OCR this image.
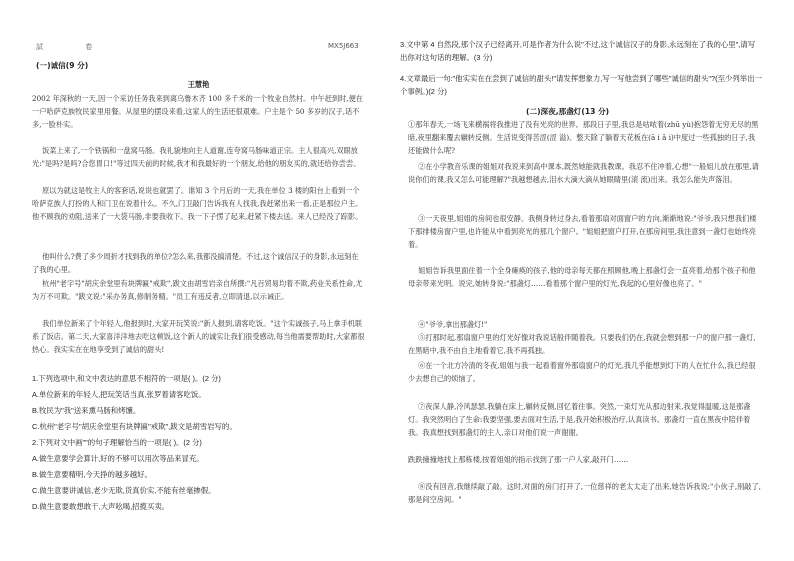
試	卷	MX5J663
(一)诚信(9 分)
王慧艳

2002 年深秋的一天,因一个采访任务我来到离乌鲁木齐 100 多千米的一个牧业自然村。中午赶到时,便在一户哈萨克族牧民家里用餐。从屋里的摆设来看,这家人的生活还很艰难。户主是个 50 多岁的汉子,话不多,一脸朴实。

饭菜上来了,一个铁锅和一盘窝马肠。我礼貌地向主人道谢,连夸窝马肠味道正宗。主人很高兴,双眼放光:"是吗?是吗?合您胃口!"等过四天前的时候,我才和我最好的一个朋友,给他的朋友买的,就还给你尝尝。

原以为就这是牧主人的客套话,说说也就罢了。谁知 3 个月后的一天,我在单位 3 楼的阳台上看到一个哈萨克族人打扮的人和门卫在说着什么。不久,门卫敲门告诉我有人找我,我赶紧出来一看,正是那位户主。他不顾我的劝阻,送来了一大袋马肠,非要我收下。我一下子愣了起来,赶紧下楼去送。来人已经没了踪影。

他叫什么?费了多少周折才找到我的单位?怎么来,我都没搞清楚。不过,这个诚信汉子的身影,永远刻在了我的心里。

杭州"老字号"胡庆余堂里有块牌匾"戒欺",跋文由胡雪岩亲自所撰:"凡百贸易均着不欺,药业关系性命,尤为万不可欺。"跋文说:"采办务真,修制务精。"员工有违反者,立即清退,以示诫正。

我们单位新来了个年轻人,他报到时,大家开玩笑说:"新人报到,请客吃饭。"这个实诚孩子,马上拿手机联系了饭店。第二天,大家喜洋洋地去吃这顿饭,这个新人的诚实让我们很受感动,每当他需要帮助时,大家都很热心。我实实在在地享受到了诚信的甜头!

1.下列选项中,和文中表达的意思不相符的一项是( )。(2 分)
A.单位新来的年轻人,把玩笑话当真,张罗着请客吃饭。
B.牧民为"我"送来熏马肠和烤馕。
C.杭州"老字号"胡庆余堂里有块牌匾"戒欺",跋文是胡雪岩写的。
2.下列对文中画""的句子理解恰当的一项是( )。(2 分)
A.做生意要学会算计,好的不够可以用次等品来冒充。
B.做生意要精明,今天挣的越多越好。
C.做生意要讲诚信,老少无欺,货真价实,不能有丝毫掺假。
D.做生意要敢想敢干,大声吆喝,招揽买卖。
3.文中第 4 自然段,那个汉子已经离开,可是作者为什么说"不过,这个诚信汉子的身影,永远刻在了我的心里",请写出你对这句话的理解。(3 分)
4.文章最后一句:"他实实在在尝到了诚信的甜头!"请发挥想象力,写一写他尝到了哪些"诚信的甜头"?(至少列举出一个事例。)(2 分)
(二)深夜,那盏灯(13 分)

①那年春天,一场飞来横祸将我推进了没有光亮的世界。那段日子里,我总是咕哝着(zhū yù)抱怨着无穷无尽的黑暗,夜里翻来覆去辗转反侧。生活说变得苦涩(涩 溢)。整天除了躺着天花板在(ā i ǎ i)中度过一些孤独的日子,我还能做什么呢?

②在小学教音乐课的姐姐对我说来到高中课本,既然她能就我教课。我忍不住冲着,心想"一般姐儿放在那里,请说你们的课,我又怎么可能理解?"我越想越去,泪水大滴大滴从她眼睛里(滚 流)出来。我怎么能失声落泪。

③一天夜里,姐姐的房间也很安静。我侧身转过身去,看着那扇对面窗户的方向,渐渐地说:"爷爷,我只想我们楼下那排楼房窗户里,也许能从中看到亮光的那几个窗户。"姐姐把窗户打开,在那房间里,我注意到一盏灯也始终亮着。

姐姐告诉我里面住着一个全身瘫痪的孩子,他的母亲每天都在照顾他,晚上那盏灯会一直亮着,给那个孩子和他母亲带来光明。说完,她转身说:"那盏灯……看着那个窗户里的灯光,我起的心里好像也亮了。"

④"爷爷,拿出那盏灯!"

⑤打那时起,那扇窗户里的灯光好像对我说话般伴随着我。只要我们仍在,我就会想到那一户的窗户那一盏灯,在黑暗中,我不由自主地看着它,我不再孤独。

⑥在一个北方冷清的冬夜,姐姐与我一起看着窗外那扇窗户的灯光,我几乎能想到灯下的人在忙什么,我已经很少去想自己的烦恼了。

⑦夜深人静,冷风瑟瑟,我躺在床上,辗转反侧,回忆着往事。突然,一束灯光从那边射来,我觉得温暖,这是那盏灯。我突然明白了生命:我要坚强,要去面对生活,于是,我开始积极治疗,认真读书。那盏灯一直在黑夜中陪伴着我。我真想找到那盏灯的主人,亲口对他们说一声谢谢。

跌跌撞撞地找上那栋楼,按着姐姐的指示找到了那一户人家,敲开门……

⑧没有回音,我继续敲了敲。这时,对面的房门打开了,一位慈祥的老太太走了出来,她告诉我说:"小伙子,别敲了,那是间空房间。"
